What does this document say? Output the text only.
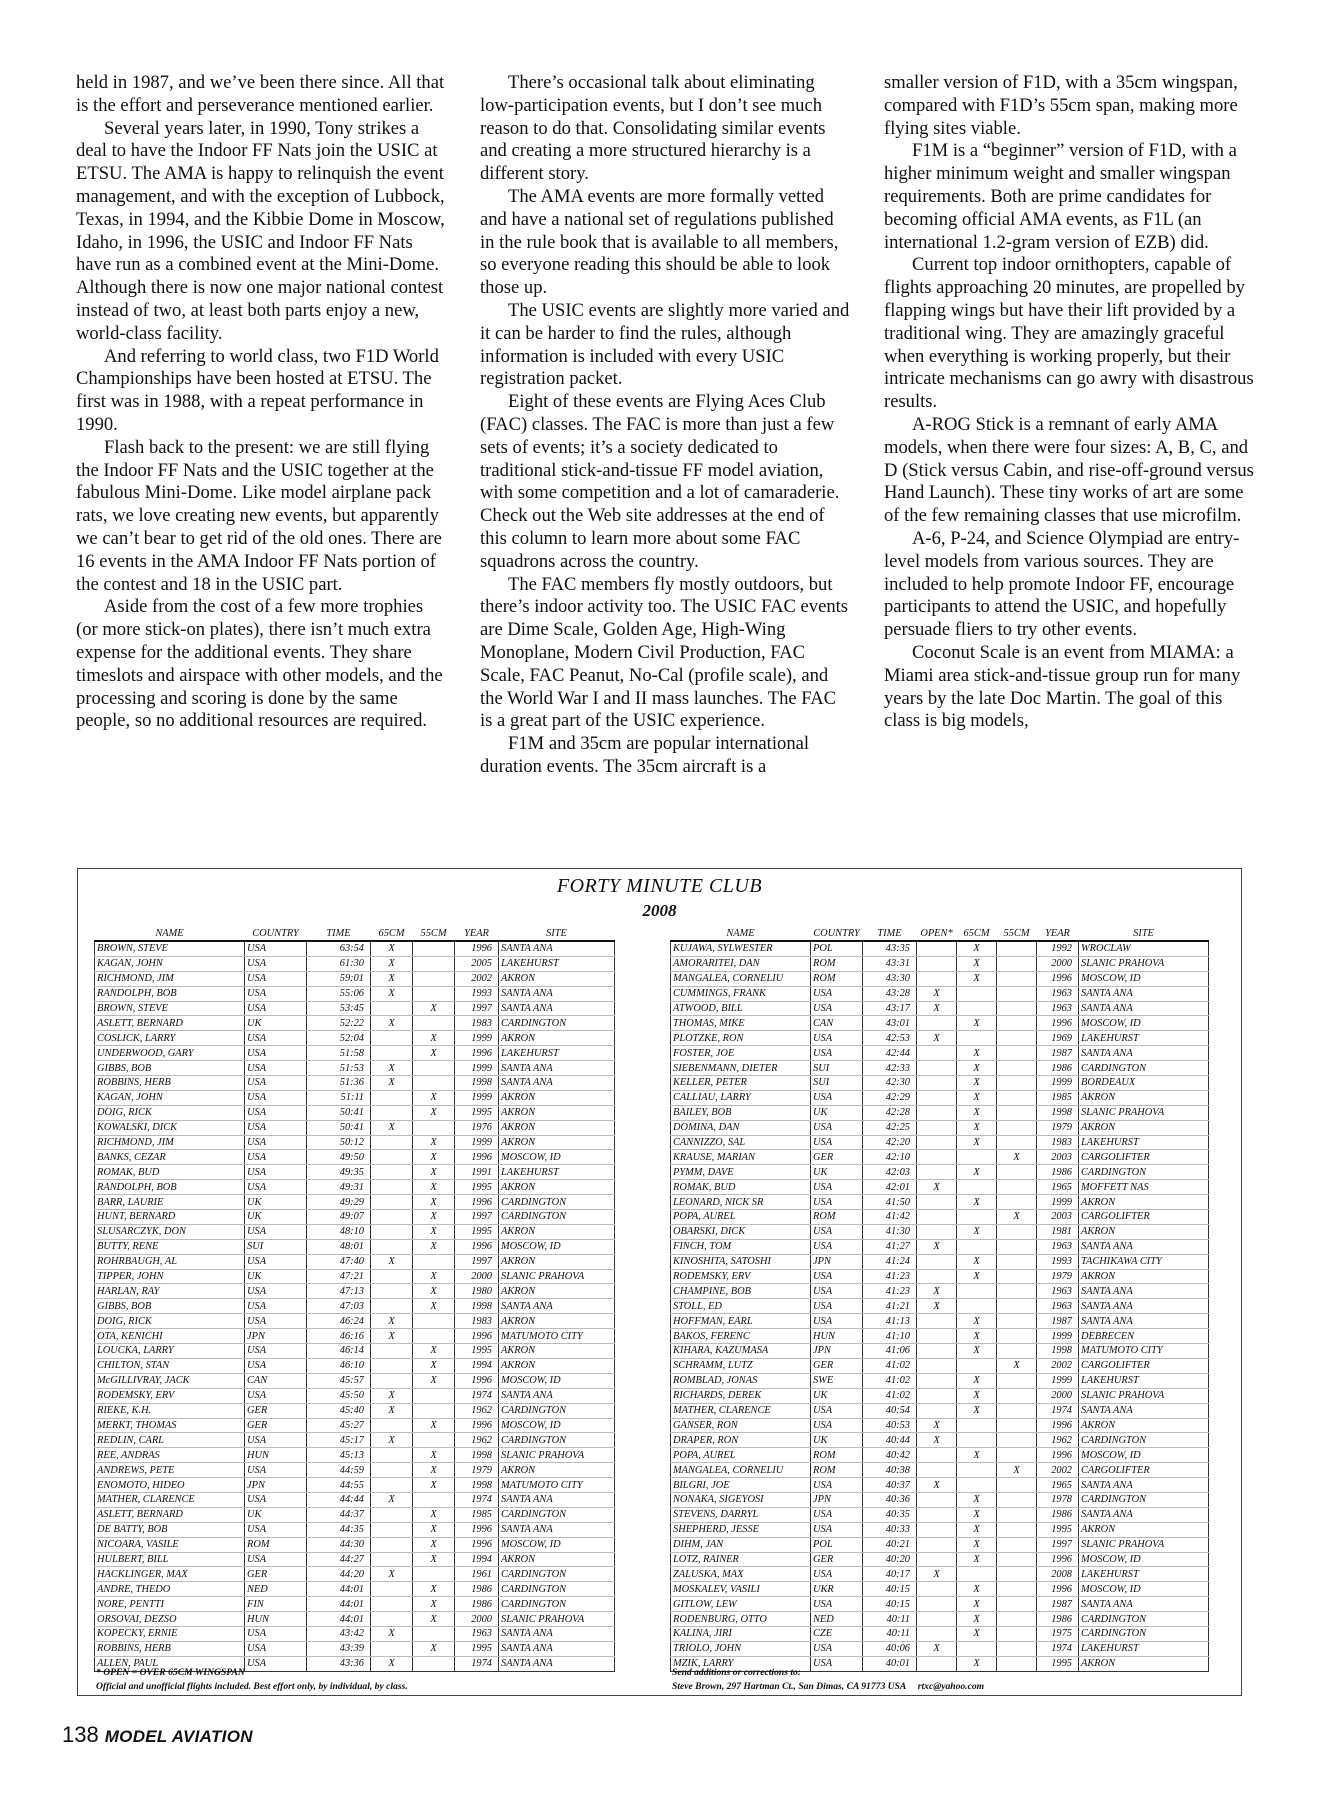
held in 1987, and we’ve been there since. All that is the effort and perseverance mentioned earlier.

Several years later, in 1990, Tony strikes a deal to have the Indoor FF Nats join the USIC at ETSU. The AMA is happy to relinquish the event management, and with the exception of Lubbock, Texas, in 1994, and the Kibbie Dome in Moscow, Idaho, in 1996, the USIC and Indoor FF Nats have run as a combined event at the Mini-Dome. Although there is now one major national contest instead of two, at least both parts enjoy a new, world-class facility.

And referring to world class, two F1D World Championships have been hosted at ETSU. The first was in 1988, with a repeat performance in 1990.

Flash back to the present: we are still flying the Indoor FF Nats and the USIC together at the fabulous Mini-Dome. Like model airplane pack rats, we love creating new events, but apparently we can’t bear to get rid of the old ones. There are 16 events in the AMA Indoor FF Nats portion of the contest and 18 in the USIC part.

Aside from the cost of a few more trophies (or more stick-on plates), there isn’t much extra expense for the additional events. They share timeslots and airspace with other models, and the processing and scoring is done by the same people, so no additional resources are required.

There’s occasional talk about eliminating low-participation events, but I don’t see much reason to do that. Consolidating similar events and creating a more structured hierarchy is a different story.

The AMA events are more formally vetted and have a national set of regulations published in the rule book that is available to all members, so everyone reading this should be able to look those up.

The USIC events are slightly more varied and it can be harder to find the rules, although information is included with every USIC registration packet.

Eight of these events are Flying Aces Club (FAC) classes. The FAC is more than just a few sets of events; it’s a society dedicated to traditional stick-and-tissue FF model aviation, with some competition and a lot of camaraderie. Check out the Web site addresses at the end of this column to learn more about some FAC squadrons across the country.

The FAC members fly mostly outdoors, but there’s indoor activity too. The USIC FAC events are Dime Scale, Golden Age, High-Wing Monoplane, Modern Civil Production, FAC Scale, FAC Peanut, No-Cal (profile scale), and the World War I and II mass launches. The FAC is a great part of the USIC experience.

F1M and 35cm are popular international duration events. The 35cm aircraft is a

smaller version of F1D, with a 35cm wingspan, compared with F1D’s 55cm span, making more flying sites viable.

F1M is a “beginner” version of F1D, with a higher minimum weight and smaller wingspan requirements. Both are prime candidates for becoming official AMA events, as F1L (an international 1.2-gram version of EZB) did.

Current top indoor ornithopters, capable of flights approaching 20 minutes, are propelled by flapping wings but have their lift provided by a traditional wing. They are amazingly graceful when everything is working properly, but their intricate mechanisms can go awry with disastrous results.

A-ROG Stick is a remnant of early AMA models, when there were four sizes: A, B, C, and D (Stick versus Cabin, and rise-off-ground versus Hand Launch). These tiny works of art are some of the few remaining classes that use microfilm.

A-6, P-24, and Science Olympiad are entry-level models from various sources. They are included to help promote Indoor FF, encourage participants to attend the USIC, and hopefully persuade fliers to try other events.

Coconut Scale is an event from MIAMA: a Miami area stick-and-tissue group run for many years by the late Doc Martin. The goal of this class is big models,

FORTY MINUTE CLUB
2008
NAME	COUNTRY	TIME	65CM	55CM	YEAR	SITE
BROWN, STEVE	USA	63:54	X		1996	SANTA ANA
KAGAN, JOHN	USA	61:30	X		2005	LAKEHURST
RICHMOND, JIM	USA	59:01	X		2002	AKRON
RANDOLPH, BOB	USA	55:06	X		1993	SANTA ANA
BROWN, STEVE	USA	53:45		X	1997	SANTA ANA
ASLETT, BERNARD	UK	52:22	X		1983	CARDINGTON
COSLICK, LARRY	USA	52:04		X	1999	AKRON
UNDERWOOD, GARY	USA	51:58		X	1996	LAKEHURST
GIBBS, BOB	USA	51:53	X		1999	SANTA ANA
ROBBINS, HERB	USA	51:36	X		1998	SANTA ANA
KAGAN, JOHN	USA	51:11		X	1999	AKRON
DOIG, RICK	USA	50:41		X	1995	AKRON
KOWALSKI, DICK	USA	50:41	X		1976	AKRON
RICHMOND, JIM	USA	50:12		X	1999	AKRON
BANKS, CEZAR	USA	49:50		X	1996	MOSCOW, ID
ROMAK, BUD	USA	49:35		X	1991	LAKEHURST
RANDOLPH, BOB	USA	49:31		X	1995	AKRON
BARR, LAURIE	UK	49:29		X	1996	CARDINGTON
HUNT, BERNARD	UK	49:07		X	1997	CARDINGTON
SLUSARCZYK, DON	USA	48:10		X	1995	AKRON
BUTTY, RENE	SUI	48:01		X	1996	MOSCOW, ID
ROHRBAUGH, AL	USA	47:40	X		1997	AKRON
TIPPER, JOHN	UK	47:21		X	2000	SLANIC PRAHOVA
HARLAN, RAY	USA	47:13		X	1980	AKRON
GIBBS, BOB	USA	47:03		X	1998	SANTA ANA
DOIG, RICK	USA	46:24	X		1983	AKRON
OTA, KENICHI	JPN	46:16	X		1996	MATUMOTO CITY
LOUCKA, LARRY	USA	46:14		X	1995	AKRON
CHILTON, STAN	USA	46:10		X	1994	AKRON
McGILLIVRAY, JACK	CAN	45:57		X	1996	MOSCOW, ID
RODEMSKY, ERV	USA	45:50	X		1974	SANTA ANA
RIEKE, K.H.	GER	45:40	X		1962	CARDINGTON
MERKT, THOMAS	GER	45:27		X	1996	MOSCOW, ID
REDLIN, CARL	USA	45:17	X		1962	CARDINGTON
REE, ANDRAS	HUN	45:13		X	1998	SLANIC PRAHOVA
ANDREWS, PETE	USA	44:59		X	1979	AKRON
ENOMOTO, HIDEO	JPN	44:55		X	1998	MATUMOTO CITY
MATHER, CLARENCE	USA	44:44	X		1974	SANTA ANA
ASLETT, BERNARD	UK	44:37		X	1985	CARDINGTON
DE BATTY, BOB	USA	44:35		X	1996	SANTA ANA
NICOARA, VASILE	ROM	44:30		X	1996	MOSCOW, ID
HULBERT, BILL	USA	44:27		X	1994	AKRON
HACKLINGER, MAX	GER	44:20	X		1961	CARDINGTON
ANDRE, THEDO	NED	44:01		X	1986	CARDINGTON
NORE, PENTTI	FIN	44:01		X	1986	CARDINGTON
ORSOVAI, DEZSO	HUN	44:01		X	2000	SLANIC PRAHOVA
KOPECKY, ERNIE	USA	43:42	X		1963	SANTA ANA
ROBBINS, HERB	USA	43:39		X	1995	SANTA ANA
ALLEN, PAUL	USA	43:36	X		1974	SANTA ANA
NAME	COUNTRY	TIME	OPEN*	65CM	55CM	YEAR	SITE
KUJAWA, SYLWESTER	POL	43:35		X		1992	WROCLAW
AMORARITEI, DAN	ROM	43:31		X		2000	SLANIC PRAHOVA
MANGALEA, CORNELIU	ROM	43:30		X		1996	MOSCOW, ID
CUMMINGS, FRANK	USA	43:28	X			1963	SANTA ANA
ATWOOD, BILL	USA	43:17	X			1963	SANTA ANA
THOMAS, MIKE	CAN	43:01		X		1996	MOSCOW, ID
PLOTZKE, RON	USA	42:53	X			1969	LAKEHURST
FOSTER, JOE	USA	42:44		X		1987	SANTA ANA
SIEBENMANN, DIETER	SUI	42:33		X		1986	CARDINGTON
KELLER, PETER	SUI	42:30		X		1999	BORDEAUX
CALLIAU, LARRY	USA	42:29		X		1985	AKRON
BAILEY, BOB	UK	42:28		X		1998	SLANIC PRAHOVA
DOMINA, DAN	USA	42:25		X		1979	AKRON
CANNIZZO, SAL	USA	42:20		X		1983	LAKEHURST
KRAUSE, MARIAN	GER	42:10			X	2003	CARGOLIFTER
PYMM, DAVE	UK	42:03		X		1986	CARDINGTON
ROMAK, BUD	USA	42:01	X			1965	MOFFETT NAS
LEONARD, NICK SR	USA	41:50		X		1999	AKRON
POPA, AUREL	ROM	41:42			X	2003	CARGOLIFTER
OBARSKI, DICK	USA	41:30		X		1981	AKRON
FINCH, TOM	USA	41:27	X			1963	SANTA ANA
KINOSHITA, SATOSHI	JPN	41:24		X		1993	TACHIKAWA CITY
RODEMSKY, ERV	USA	41:23		X		1979	AKRON
CHAMPINE, BOB	USA	41:23	X			1963	SANTA ANA
STOLL, ED	USA	41:21	X			1963	SANTA ANA
HOFFMAN, EARL	USA	41:13		X		1987	SANTA ANA
BAKOS, FERENC	HUN	41:10		X		1999	DEBRECEN
KIHARA, KAZUMASA	JPN	41:06		X		1998	MATUMOTO CITY
SCHRAMM, LUTZ	GER	41:02			X	2002	CARGOLIFTER
ROMBLAD, JONAS	SWE	41:02		X		1999	LAKEHURST
RICHARDS, DEREK	UK	41:02		X		2000	SLANIC PRAHOVA
MATHER, CLARENCE	USA	40:54		X		1974	SANTA ANA
GANSER, RON	USA	40:53	X			1996	AKRON
DRAPER, RON	UK	40:44	X			1962	CARDINGTON
POPA, AUREL	ROM	40:42		X		1996	MOSCOW, ID
MANGALEA, CORNELIU	ROM	40:38			X	2002	CARGOLIFTER
BILGRI, JOE	USA	40:37	X			1965	SANTA ANA
NONAKA, SIGEYOSI	JPN	40:36		X		1978	CARDINGTON
STEVENS, DARRYL	USA	40:35		X		1986	SANTA ANA
SHEPHERD, JESSE	USA	40:33		X		1995	AKRON
DIHM, JAN	POL	40:21		X		1997	SLANIC PRAHOVA
LOTZ, RAINER	GER	40:20		X		1996	MOSCOW, ID
ZALUSKA, MAX	USA	40:17	X			2008	LAKEHURST
MOSKALEV, VASILI	UKR	40:15		X		1996	MOSCOW, ID
GITLOW, LEW	USA	40:15		X		1987	SANTA ANA
RODENBURG, OTTO	NED	40:11		X		1986	CARDINGTON
KALINA, JIRI	CZE	40:11		X		1975	CARDINGTON
TRIOLO, JOHN	USA	40:06	X			1974	LAKEHURST
MZIK, LARRY	USA	40:01		X		1995	AKRON
* OPEN = OVER 65CM WINGSPAN
Official and unofficial flights included. Best effort only, by individual, by class.
Send additions or corrections to:
Steve Brown, 297 Hartman Ct., San Dimas, CA 91773 USA     rtxc@yahoo.com
138 MODEL AVIATION
